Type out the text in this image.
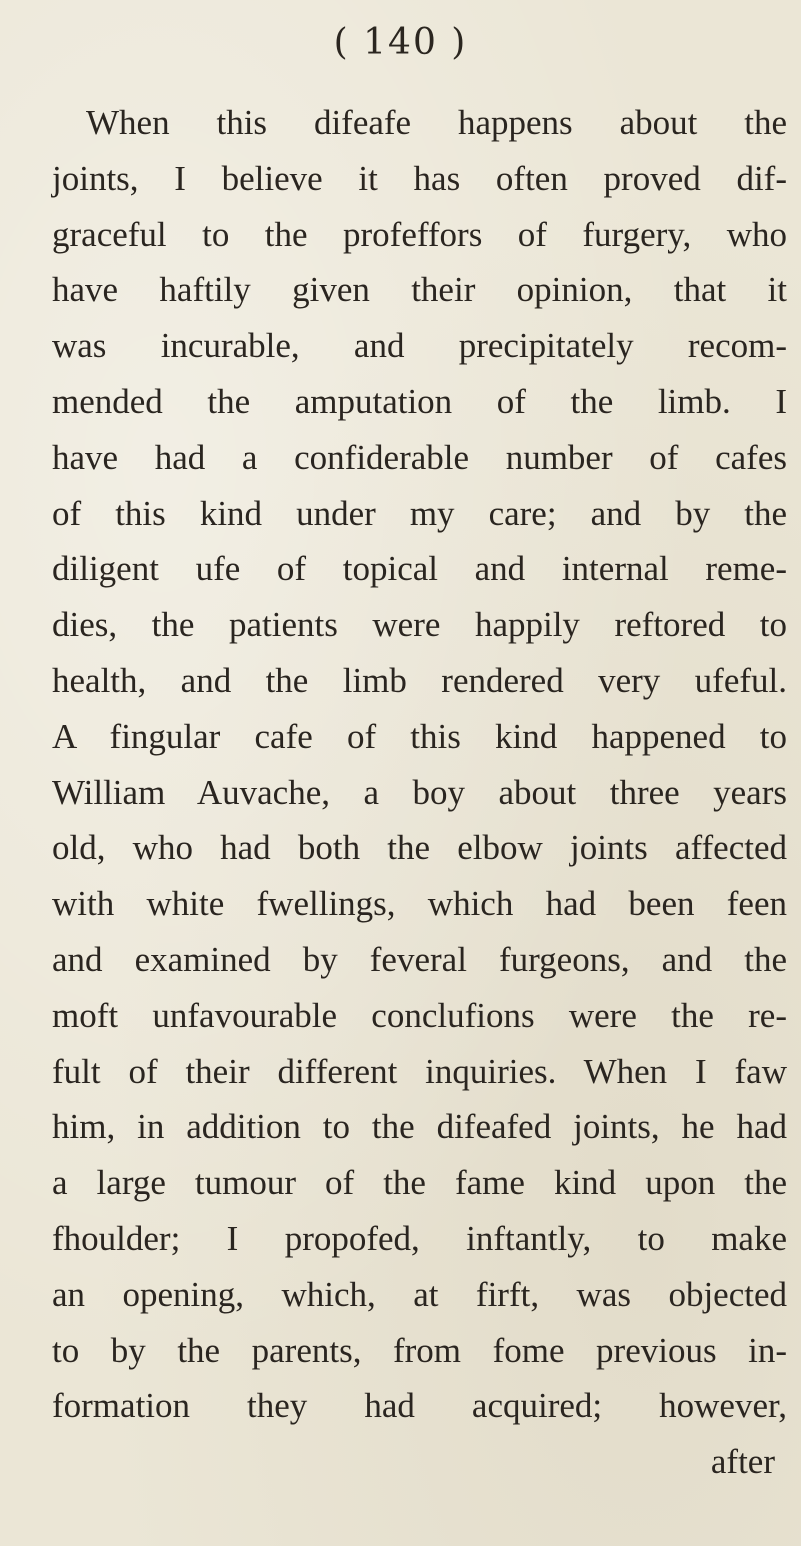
( 140 )
When this difeafe happens about the
joints, I believe it has often proved dif-
graceful to the profeffors of furgery, who
have haftily given their opinion, that it
was incurable, and precipitately recom-
mended the amputation of the limb. I
have had a confiderable number of cafes
of this kind under my care; and by the
diligent ufe of topical and internal reme-
dies, the patients were happily reftored to
health, and the limb rendered very ufeful.
A fingular cafe of this kind happened to
William Auvache, a boy about three years
old, who had both the elbow joints affected
with white fwellings, which had been feen
and examined by feveral furgeons, and the
moft unfavourable conclufions were the re-
fult of their different inquiries. When I faw
him, in addition to the difeafed joints, he had
a large tumour of the fame kind upon the
fhoulder; I propofed, inftantly, to make
an opening, which, at firft, was objected
to by the parents, from fome previous in-
formation they had acquired; however,
after
